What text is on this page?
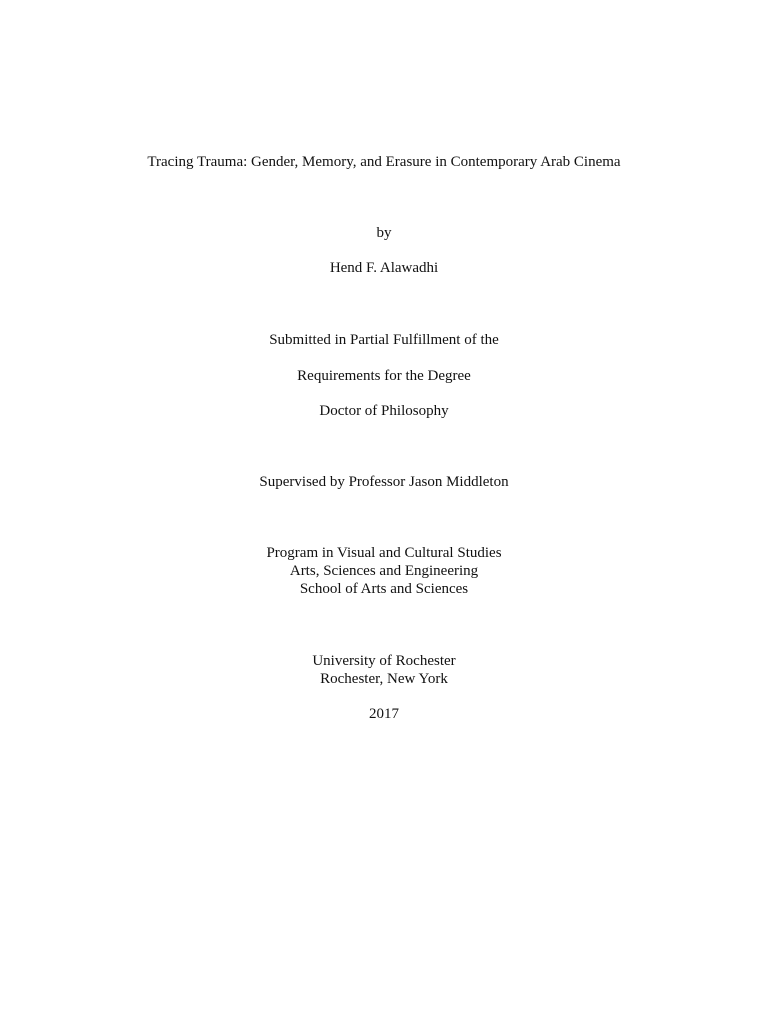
Tracing Trauma: Gender, Memory, and Erasure in Contemporary Arab Cinema
by
Hend F. Alawadhi
Submitted in Partial Fulfillment of the
Requirements for the Degree
Doctor of Philosophy
Supervised by Professor Jason Middleton
Program in Visual and Cultural Studies
Arts, Sciences and Engineering
School of Arts and Sciences
University of Rochester
Rochester, New York
2017
